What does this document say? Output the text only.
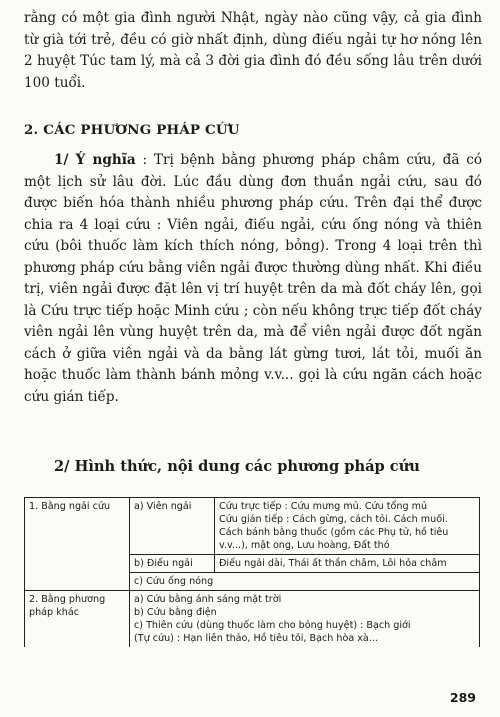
rằng có một gia đình người Nhật, ngày nào cũng vậy, cả gia đình từ già tới trẻ, đều có giờ nhất định, dùng điếu ngải tự hơ nóng lên 2 huyệt Túc tam lý, mà cả 3 đời gia đình đó đều sống lâu trên dưới 100 tuổi.

2. CÁC PHƯƠNG PHÁP CỨU

1/ Ý nghĩa : Trị bệnh bằng phương pháp châm cứu, đã có một lịch sử lâu đời. Lúc đầu dùng đơn thuần ngải cứu, sau đó được biến hóa thành nhiều phương pháp cứu. Trên đại thể được chia ra 4 loại cứu : Viên ngải, điếu ngải, cứu ống nóng và thiên cứu (bôi thuốc làm kích thích nóng, bỏng). Trong 4 loại trên thì phương pháp cứu bằng viên ngải được thường dùng nhất. Khi điều trị, viên ngải được đặt lên vị trí huyệt trên da mà đốt cháy lên, gọi là Cứu trực tiếp hoặc Minh cứu ; còn nếu không trực tiếp đốt cháy viên ngải lên vùng huyệt trên da, mà để viên ngải được đốt ngăn cách ở giữa viên ngải và da bằng lát gừng tươi, lát tỏi, muối ăn hoặc thuốc làm thành bánh mỏng v.v... gọi là cứu ngăn cách hoặc cứu gián tiếp.

2/ Hình thức, nội dung các phương pháp cứu
1. Bằng ngải cứu	a) Viên ngải	Cứu trực tiếp : Cứu mưng mủ. Cứu tổng mủ
Cứu gián tiếp : Cách gừng, cách tỏi. Cách muối.
Cách bánh bằng thuốc (gồm các Phụ tử, hồ tiêu v.v...), mật ong, Lưu hoàng, Đất thó

	b) Điếu ngải	Điếu ngải dài, Thái ất thần châm, Lôi hỏa châm
	c) Cứu ống nóng	
2. Bằng phương pháp khác	a) Cứu bằng ánh sáng mặt trời
b) Cứu bằng điện
c) Thiên cứu (dùng thuốc làm cho bỏng huyệt) : Bạch giới
(Tự cứu) : Hạn liên thảo, Hồ tiêu tỏi, Bạch hòa xà...	

289
